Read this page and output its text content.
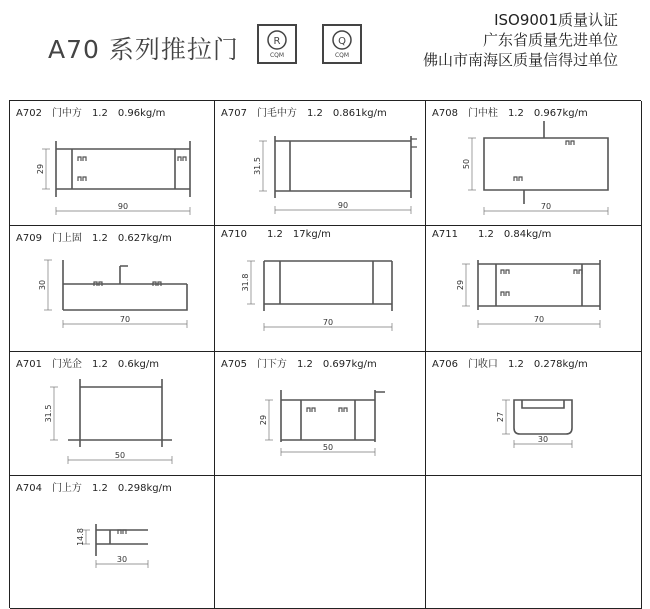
A70 系列推拉门	R
CQM
Q
CQM
ISO9001质量认证
广东省质量先进单位
佛山市南海区质量信得过单位
A702 门中方 1.2 0.96kg/m
90
29
A707 门毛中方 1.2 0.861kg/m
90
31.5
A708 门中柱 1.2 0.967kg/m
70
50
A709 门上固 1.2 0.627kg/m
70
30
A710 1.2 17kg/m
70
31.8
A711 1.2 0.84kg/m
70
29
A701 门光企 1.2 0.6kg/m
50
31.5
A705 门下方 1.2 0.697kg/m
50
29
A706 门收口 1.2 0.278kg/m
30
27
A704 门上方 1.2 0.298kg/m
30
14.8
